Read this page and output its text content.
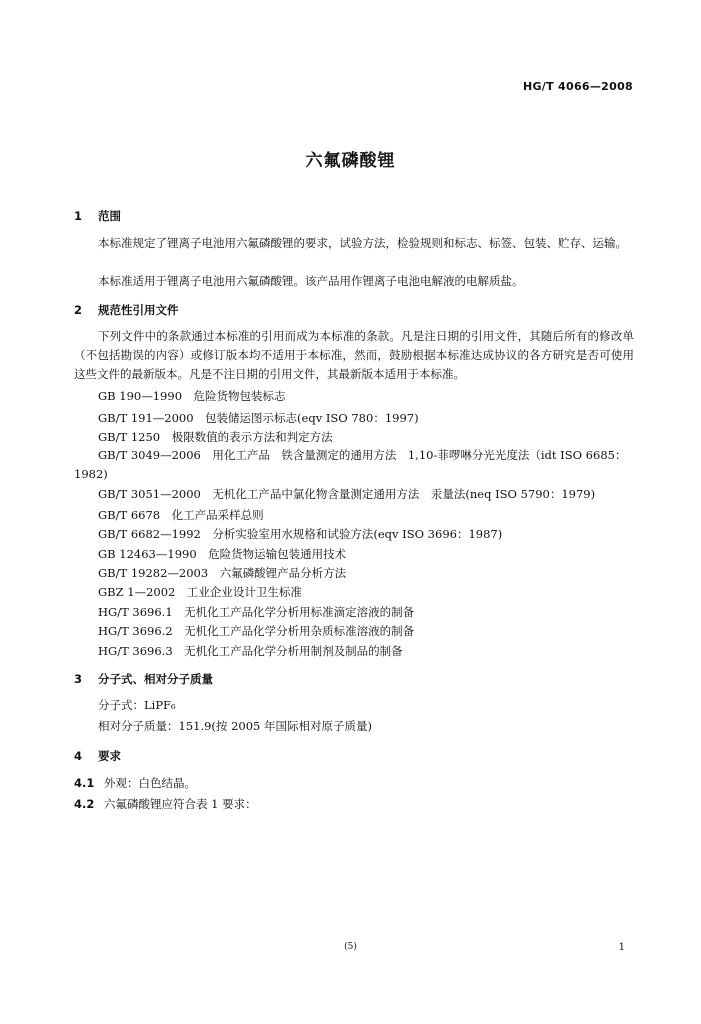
HG/T 4066—2008
六氟磷酸锂
1 范围
本标准规定了锂离子电池用六氟磷酸锂的要求，试验方法，检验规则和标志、标签、包装、贮存、运输。
本标准适用于锂离子电池用六氟磷酸锂。该产品用作锂离子电池电解液的电解质盐。
2 规范性引用文件
下列文件中的条款通过本标准的引用而成为本标准的条款。凡是注日期的引用文件，其随后所有的修改单（不包括勘误的内容）或修订版本均不适用于本标准，然而，鼓励根据本标准达成协议的各方研究是否可使用这些文件的最新版本。凡是不注日期的引用文件，其最新版本适用于本标准。
GB 190—1990　危险货物包装标志
GB/T 191—2000　包装储运图示标志(eqv ISO 780：1997)
GB/T 1250　极限数值的表示方法和判定方法
GB/T 3049—2006　用化工产品　铁含量测定的通用方法　1,10-菲啰啉分光光度法（idt ISO 6685：1982)
GB/T 3051—2000　无机化工产品中氯化物含量测定通用方法　汞量法(neq ISO 5790：1979)
GB/T 6678　化工产品采样总则
GB/T 6682—1992　分析实验室用水规格和试验方法(eqv ISO 3696：1987)
GB 12463—1990　危险货物运输包装通用技术
GB/T 19282—2003　六氟磷酸锂产品分析方法
GBZ 1—2002　工业企业设计卫生标准
HG/T 3696.1　无机化工产品化学分析用标准滴定溶液的制备
HG/T 3696.2　无机化工产品化学分析用杂质标准溶液的制备
HG/T 3696.3　无机化工产品化学分析用制剂及制品的制备
3 分子式、相对分子质量
分子式：LiPF₆
相对分子质量：151.9(按 2005 年国际相对原子质量)
4 要求
4.1 外观：白色结晶。
4.2 六氟磷酸锂应符合表 1 要求：
(5)	1
